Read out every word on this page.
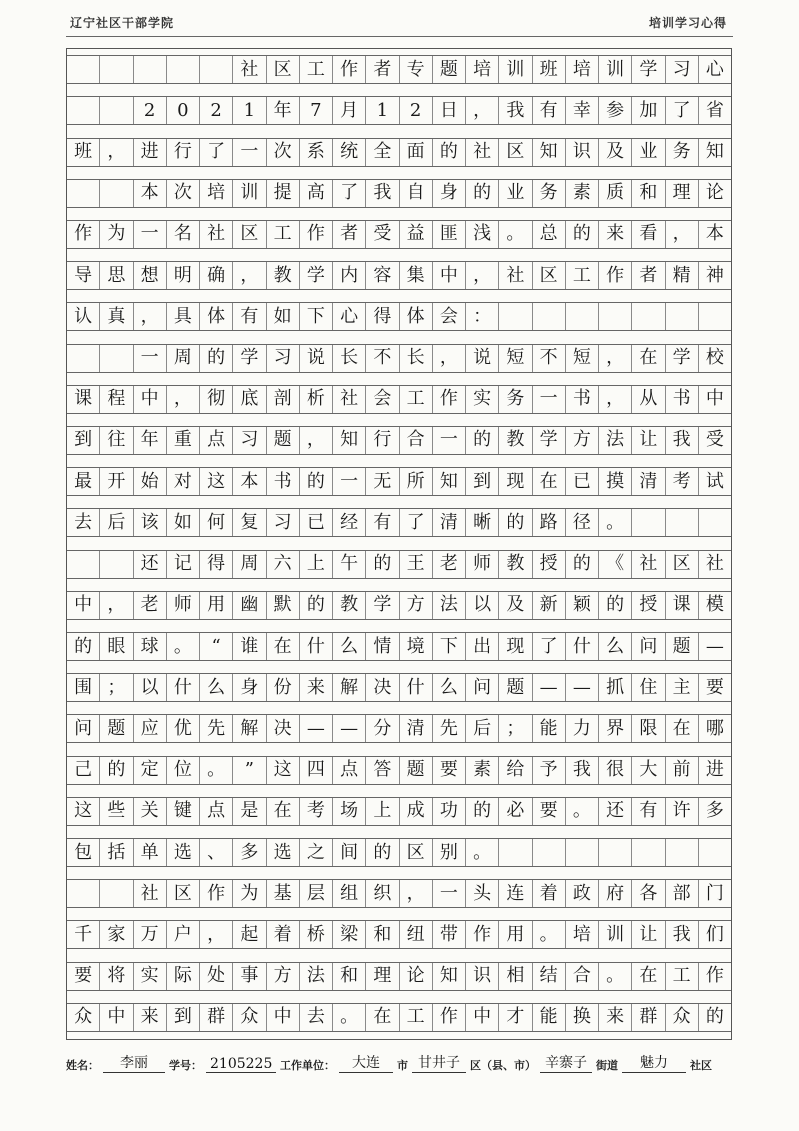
辽宁社区干部学院	培训学习心得
社 区 工 作 者 专 题 培 训 班 培 训 学 习 心
2	0	2	1	年	7	月	1	2	日 ， 我 有 幸 参 加 了 省
班 ， 进 行 了 一 次 系 统 全 面 的 社 区 知 识 及 业 务 知
本 次 培 训 提 高 了 我 自 身 的 业 务 素 质 和 理 论
作 为 一 名 社 区 工 作 者 受 益 匪 浅 。 总 的 来 看 ， 本
导 思 想 明 确 ， 教 学 内 容 集 中 ， 社 区 工 作 者 精 神
认 真 ， 具 体 有 如 下 心 得 体 会 ：
一 周 的 学 习 说 长 不 长 ， 说 短 不 短 ， 在 学 校
课 程 中 ， 彻 底 剖 析 社 会 工 作 实 务 一 书 ， 从 书 中
到 往 年 重 点 习 题 ， 知 行 合 一 的 教 学 方 法 让 我 受
最 开 始 对 这 本 书 的 一 无 所 知 到 现 在 已 摸 清 考 试
去 后 该 如 何 复 习 已 经 有 了 清 晰 的 路 径 。
还 记 得 周 六 上 午 的 王 老 师 教 授 的 《 社 区 社
中 ， 老 师 用 幽 默 的 教 学 方 法 以 及 新 颖 的 授 课 模
的 眼 球 。	“	谁 在 什 么 情 境 下 出 现 了 什 么 问 题 —
围 ； 以 什 么 身 份 来 解 决 什 么 问 题 — — 抓 住 主 要
问 题 应 优 先 解 决 — — 分 清 先 后 ； 能 力 界 限 在 哪
己 的 定 位 。	”	这 四 点 答 题 要 素 给 予 我 很 大 前 进
这 些 关 键 点 是 在 考 场 上 成 功 的 必 要 。 还 有 许 多
包 括 单 选 、 多 选 之 间 的 区 别 。
社 区 作 为 基 层 组 织 ， 一 头 连 着 政 府 各 部 门
千 家 万 户 ， 起 着 桥 梁 和 纽 带 作 用 。 培 训 让 我 们
要 将 实 际 处 事 方 法 和 理 论 知 识 相 结 合 。 在 工 作
众 中 来 到 群 众 中 去 。 在 工 作 中 才 能 换 来 群 众 的
姓名：	李丽	学号： 2105225 工作单位：	大连	市 甘井子 区（县、市） 辛寨子 街道	魅力	社区
